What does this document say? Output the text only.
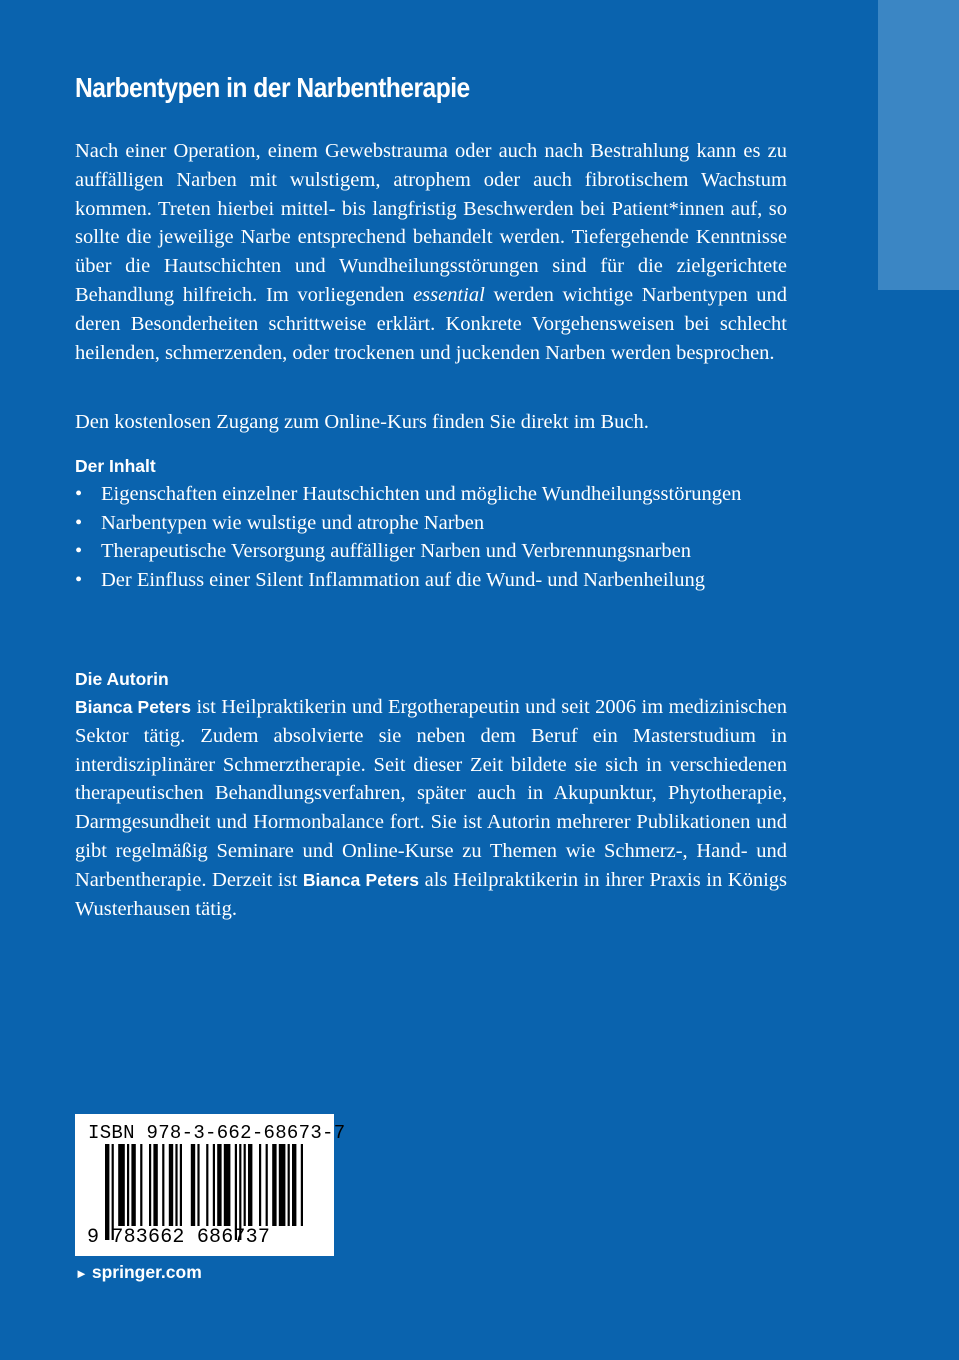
Narbentypen in der Narbentherapie

Nach einer Operation, einem Gewebstrauma oder auch nach Bestrahlung kann es zu auffälligen Narben mit wulstigem, atrophem oder auch fibrotischem Wachstum kommen. Treten hierbei mittel- bis langfristig Beschwerden bei Patient*innen auf, so sollte die jeweilige Narbe entsprechend behandelt werden. Tiefergehende Kenntnisse über die Hautschichten und Wundheilungsstörungen sind für die zielgerichtete Behandlung hilfreich. Im vorliegenden essential werden wichtige Narbentypen und deren Besonderheiten schrittweise erklärt. Konkrete Vorgehensweisen bei schlecht heilenden, schmerzenden, oder trockenen und juckenden Narben werden besprochen.

Den kostenlosen Zugang zum Online-Kurs finden Sie direkt im Buch.

Der Inhalt
• Eigenschaften einzelner Hautschichten und mögliche Wundheilungsstörungen
• Narbentypen wie wulstige und atrophe Narben
• Therapeutische Versorgung auffälliger Narben und Verbrennungsnarben
• Der Einfluss einer Silent Inflammation auf die Wund- und Narbenheilung
Die Autorin

Bianca Peters ist Heilpraktikerin und Ergotherapeutin und seit 2006 im medizinischen Sektor tätig. Zudem absolvierte sie neben dem Beruf ein Masterstudium in interdisziplinärer Schmerztherapie. Seit dieser Zeit bildete sie sich in verschiedenen therapeutischen Behandlungsverfahren, später auch in Akupunktur, Phytotherapie, Darmgesundheit und Hormonbalance fort. Sie ist Autorin mehrerer Publikationen und gibt regelmäßig Seminare und Online-Kurse zu Themen wie Schmerz-, Hand- und Narbentherapie. Derzeit ist Bianca Peters als Heilpraktikerin in ihrer Praxis in Königs Wusterhausen tätig.

ISBN 978-3-662-68673-7
9 783662 686737
► springer.com
